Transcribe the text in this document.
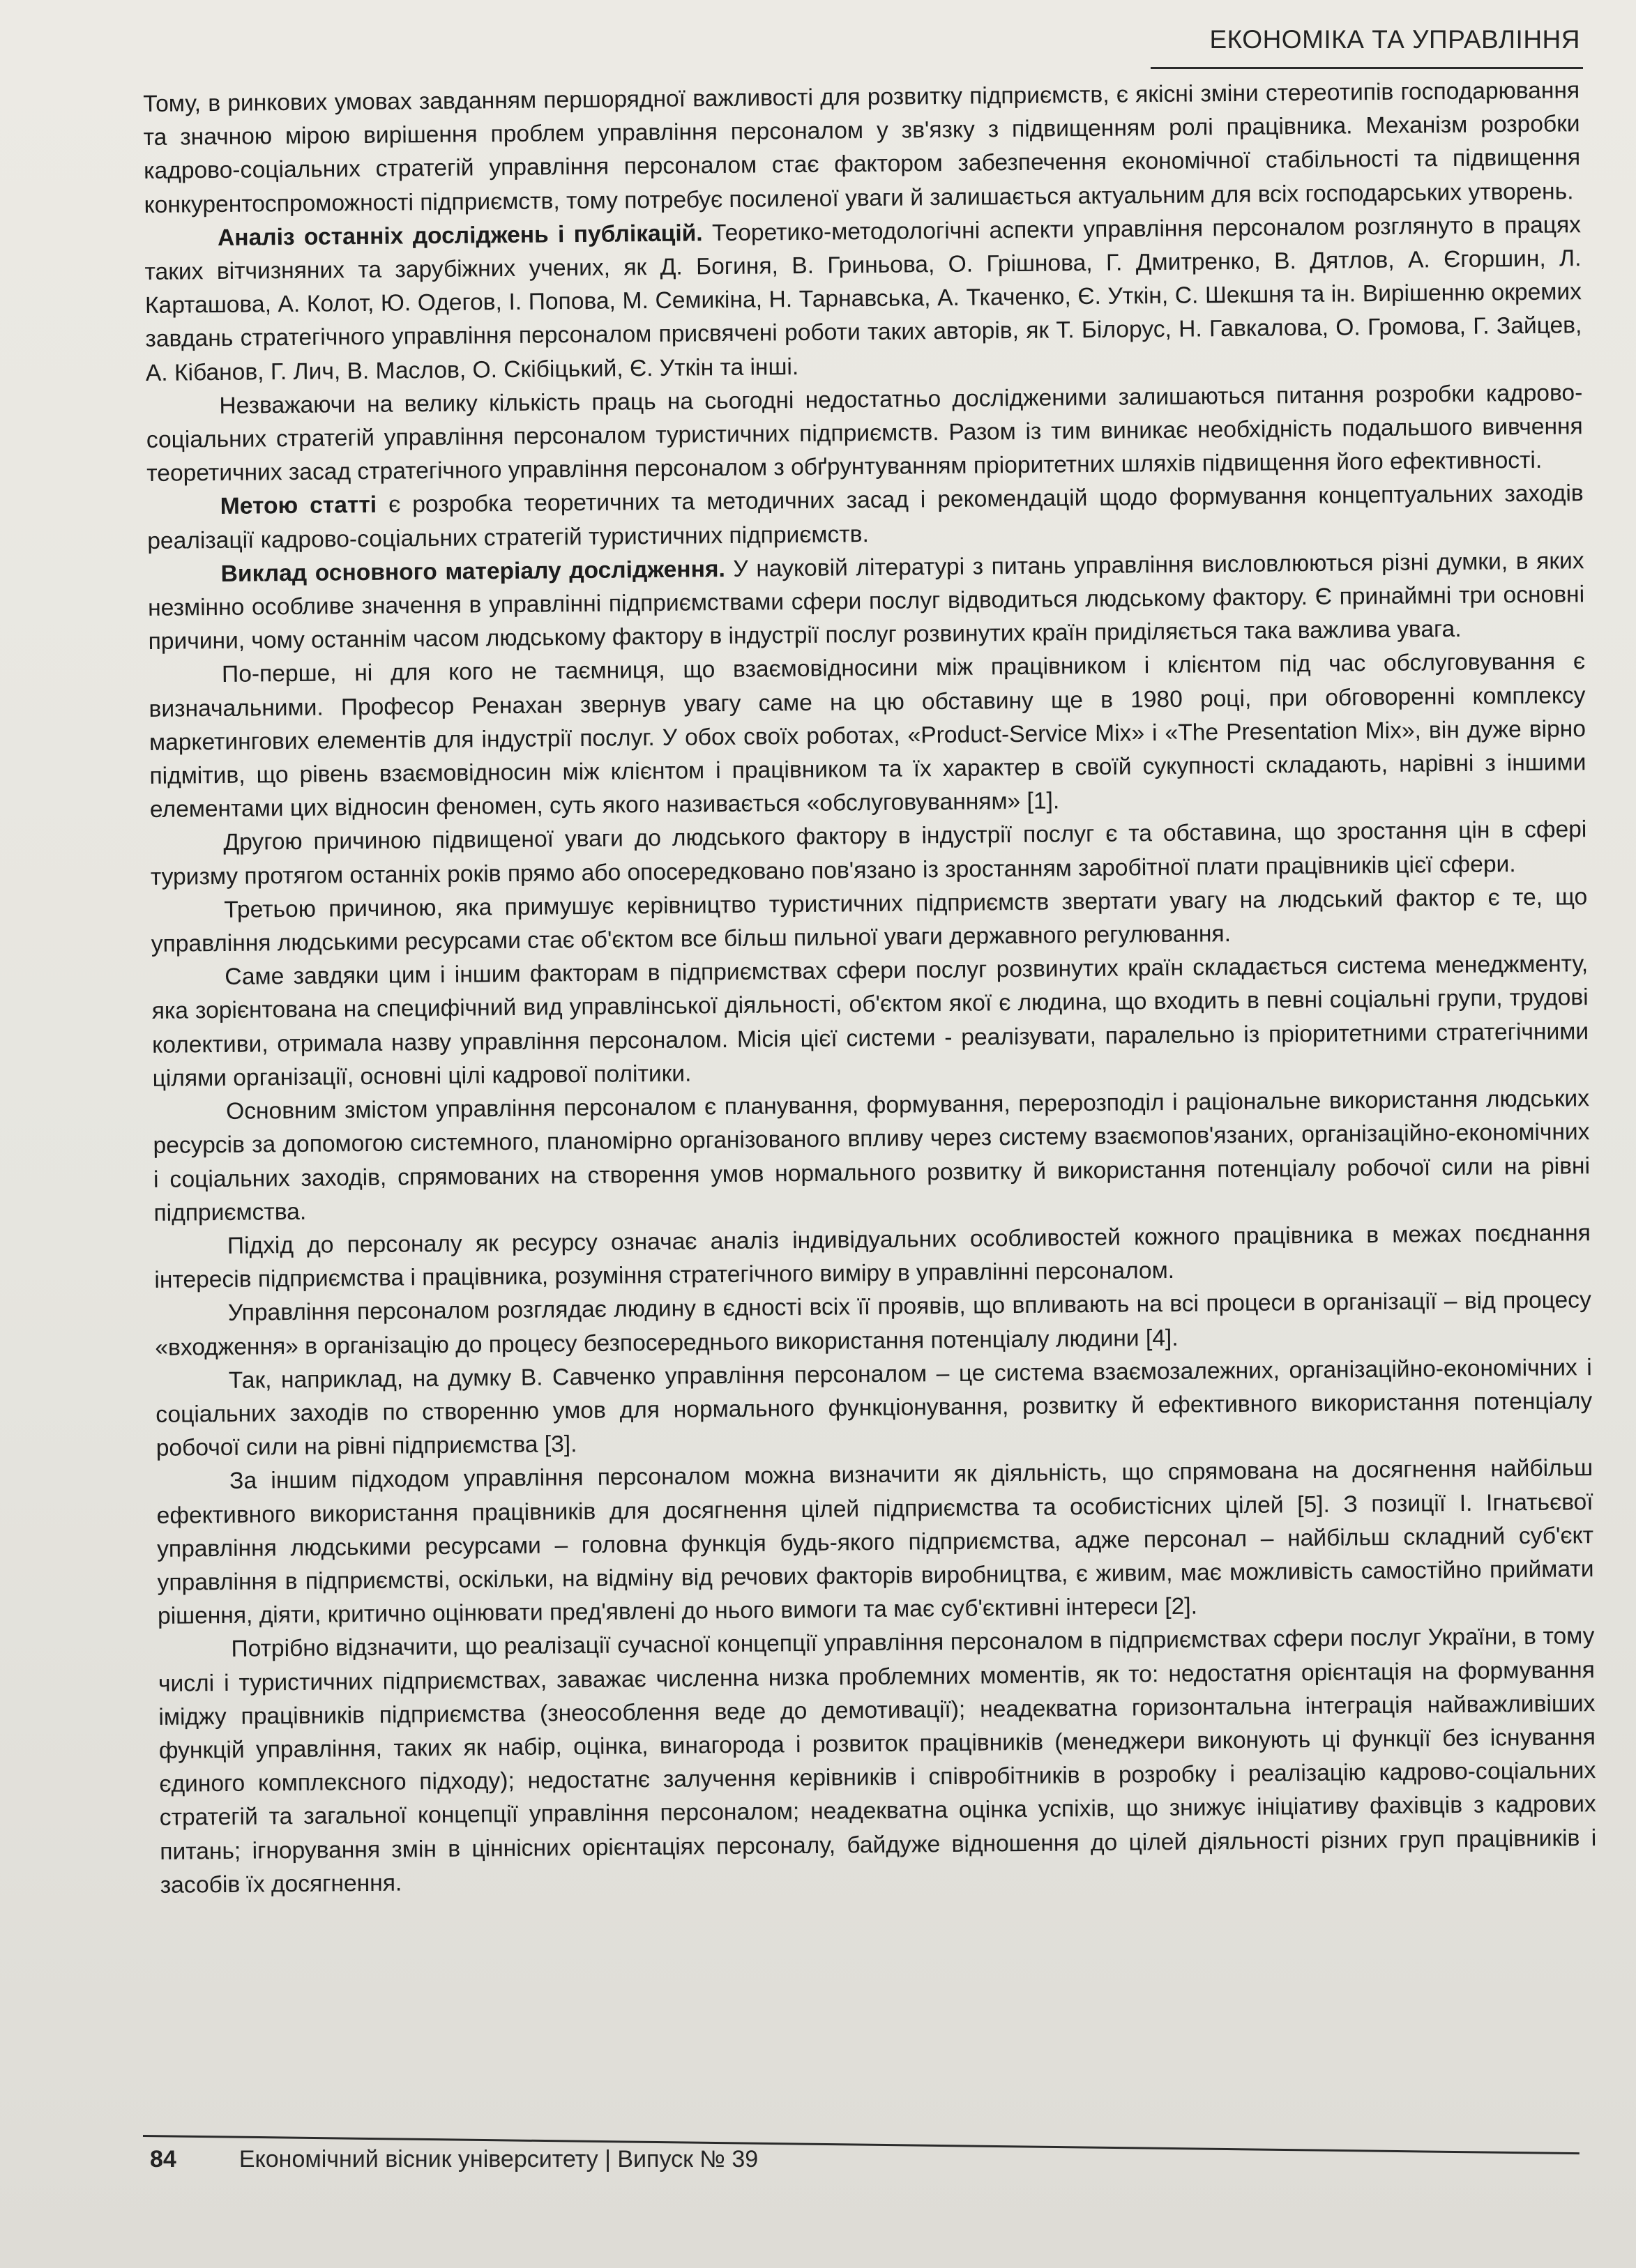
ЕКОНОМІКА ТА УПРАВЛІННЯ

Тому, в ринкових умовах завданням першорядної важливості для розвитку підприємств, є якісні зміни стереотипів господарювання та значною мірою вирішення проблем управління персоналом у зв'язку з підвищенням ролі працівника. Механізм розробки кадрово-соціальних стратегій управління персоналом стає фактором забезпечення економічної стабільності та підвищення конкурентоспроможності підприємств, тому потребує посиленої уваги й залишається актуальним для всіх господарських утворень.

Аналіз останніх досліджень і публікацій. Теоретико-методологічні аспекти управління персоналом розглянуто в працях таких вітчизняних та зарубіжних учених, як Д. Богиня, В. Гриньова, О. Грішнова, Г. Дмитренко, В. Дятлов, А. Єгоршин, Л. Карташова, А. Колот, Ю. Одегов, І. Попова, М. Семикіна, Н. Тарнавська, А. Ткаченко, Є. Уткін, С. Шекшня та ін. Вирішенню окремих завдань стратегічного управління персоналом присвячені роботи таких авторів, як Т. Білорус, Н. Гавкалова, О. Громова, Г. Зайцев, А. Кібанов, Г. Лич, В. Маслов, О. Скібіцький, Є. Уткін та інші.

Незважаючи на велику кількість праць на сьогодні недостатньо дослідженими залишаються питання розробки кадрово-соціальних стратегій управління персоналом туристичних підприємств. Разом із тим виникає необхідність подальшого вивчення теоретичних засад стратегічного управління персоналом з обґрунтуванням пріоритетних шляхів підвищення його ефективності.

Метою статті є розробка теоретичних та методичних засад і рекомендацій щодо формування концептуальних заходів реалізації кадрово-соціальних стратегій туристичних підприємств.

Виклад основного матеріалу дослідження. У науковій літературі з питань управління висловлюються різні думки, в яких незмінно особливе значення в управлінні підприємствами сфери послуг відводиться людському фактору. Є принаймні три основні причини, чому останнім часом людському фактору в індустрії послуг розвинутих країн приділяється така важлива увага.

По-перше, ні для кого не таємниця, що взаємовідносини між працівником і клієнтом під час обслуговування є визначальними. Професор Ренахан звернув увагу саме на цю обставину ще в 1980 році, при обговоренні комплексу маркетингових елементів для індустрії послуг. У обох своїх роботах, «Product-Service Mix» і «The Presentation Mix», він дуже вірно підмітив, що рівень взаємовідносин між клієнтом і працівником та їх характер в своїй сукупності складають, нарівні з іншими елементами цих відносин феномен, суть якого називається «обслуговуванням» [1].

Другою причиною підвищеної уваги до людського фактору в індустрії послуг є та обставина, що зростання цін в сфері туризму протягом останніх років прямо або опосередковано пов'язано із зростанням заробітної плати працівників цієї сфери.

Третьою причиною, яка примушує керівництво туристичних підприємств звертати увагу на людський фактор є те, що управління людськими ресурсами стає об'єктом все більш пильної уваги державного регулювання.

Саме завдяки цим і іншим факторам в підприємствах сфери послуг розвинутих країн складається система менеджменту, яка зорієнтована на специфічний вид управлінської діяльності, об'єктом якої є людина, що входить в певні соціальні групи, трудові колективи, отримала назву управління персоналом. Місія цієї системи - реалізувати, паралельно із пріоритетними стратегічними цілями організації, основні цілі кадрової політики.

Основним змістом управління персоналом є планування, формування, перерозподіл і раціональне використання людських ресурсів за допомогою системного, планомірно організованого впливу через систему взаємопов'язаних, організаційно-економічних і соціальних заходів, спрямованих на створення умов нормального розвитку й використання потенціалу робочої сили на рівні підприємства.

Підхід до персоналу як ресурсу означає аналіз індивідуальних особливостей кожного працівника в межах поєднання інтересів підприємства і працівника, розуміння стратегічного виміру в управлінні персоналом.

Управління персоналом розглядає людину в єдності всіх її проявів, що впливають на всі процеси в організації – від процесу «входження» в організацію до процесу безпосереднього використання потенціалу людини [4].

Так, наприклад, на думку В. Савченко управління персоналом – це система взаємозалежних, організаційно-економічних і соціальних заходів по створенню умов для нормального функціонування, розвитку й ефективного використання потенціалу робочої сили на рівні підприємства [3].

За іншим підходом управління персоналом можна визначити як діяльність, що спрямована на досягнення найбільш ефективного використання працівників для досягнення цілей підприємства та особистісних цілей [5]. З позиції І. Ігнатьєвої управління людськими ресурсами – головна функція будь-якого підприємства, адже персонал – найбільш складний суб'єкт управління в підприємстві, оскільки, на відміну від речових факторів виробництва, є живим, має можливість самостійно приймати рішення, діяти, критично оцінювати пред'явлені до нього вимоги та має суб'єктивні інтереси [2].

Потрібно відзначити, що реалізації сучасної концепції управління персоналом в підприємствах сфери послуг України, в тому числі і туристичних підприємствах, заважає численна низка проблемних моментів, як то: недостатня орієнтація на формування іміджу працівників підприємства (знеособлення веде до демотивації); неадекватна горизонтальна інтеграція найважливіших функцій управління, таких як набір, оцінка, винагорода і розвиток працівників (менеджери виконують ці функції без існування єдиного комплексного підходу); недостатнє залучення керівників і співробітників в розробку і реалізацію кадрово-соціальних стратегій та загальної концепції управління персоналом; неадекватна оцінка успіхів, що знижує ініціативу фахівців з кадрових питань; ігнорування змін в ціннісних орієнтаціях персоналу, байдуже відношення до цілей діяльності різних груп працівників і засобів їх досягнення.

84	Економічний вісник університету | Випуск № 39
